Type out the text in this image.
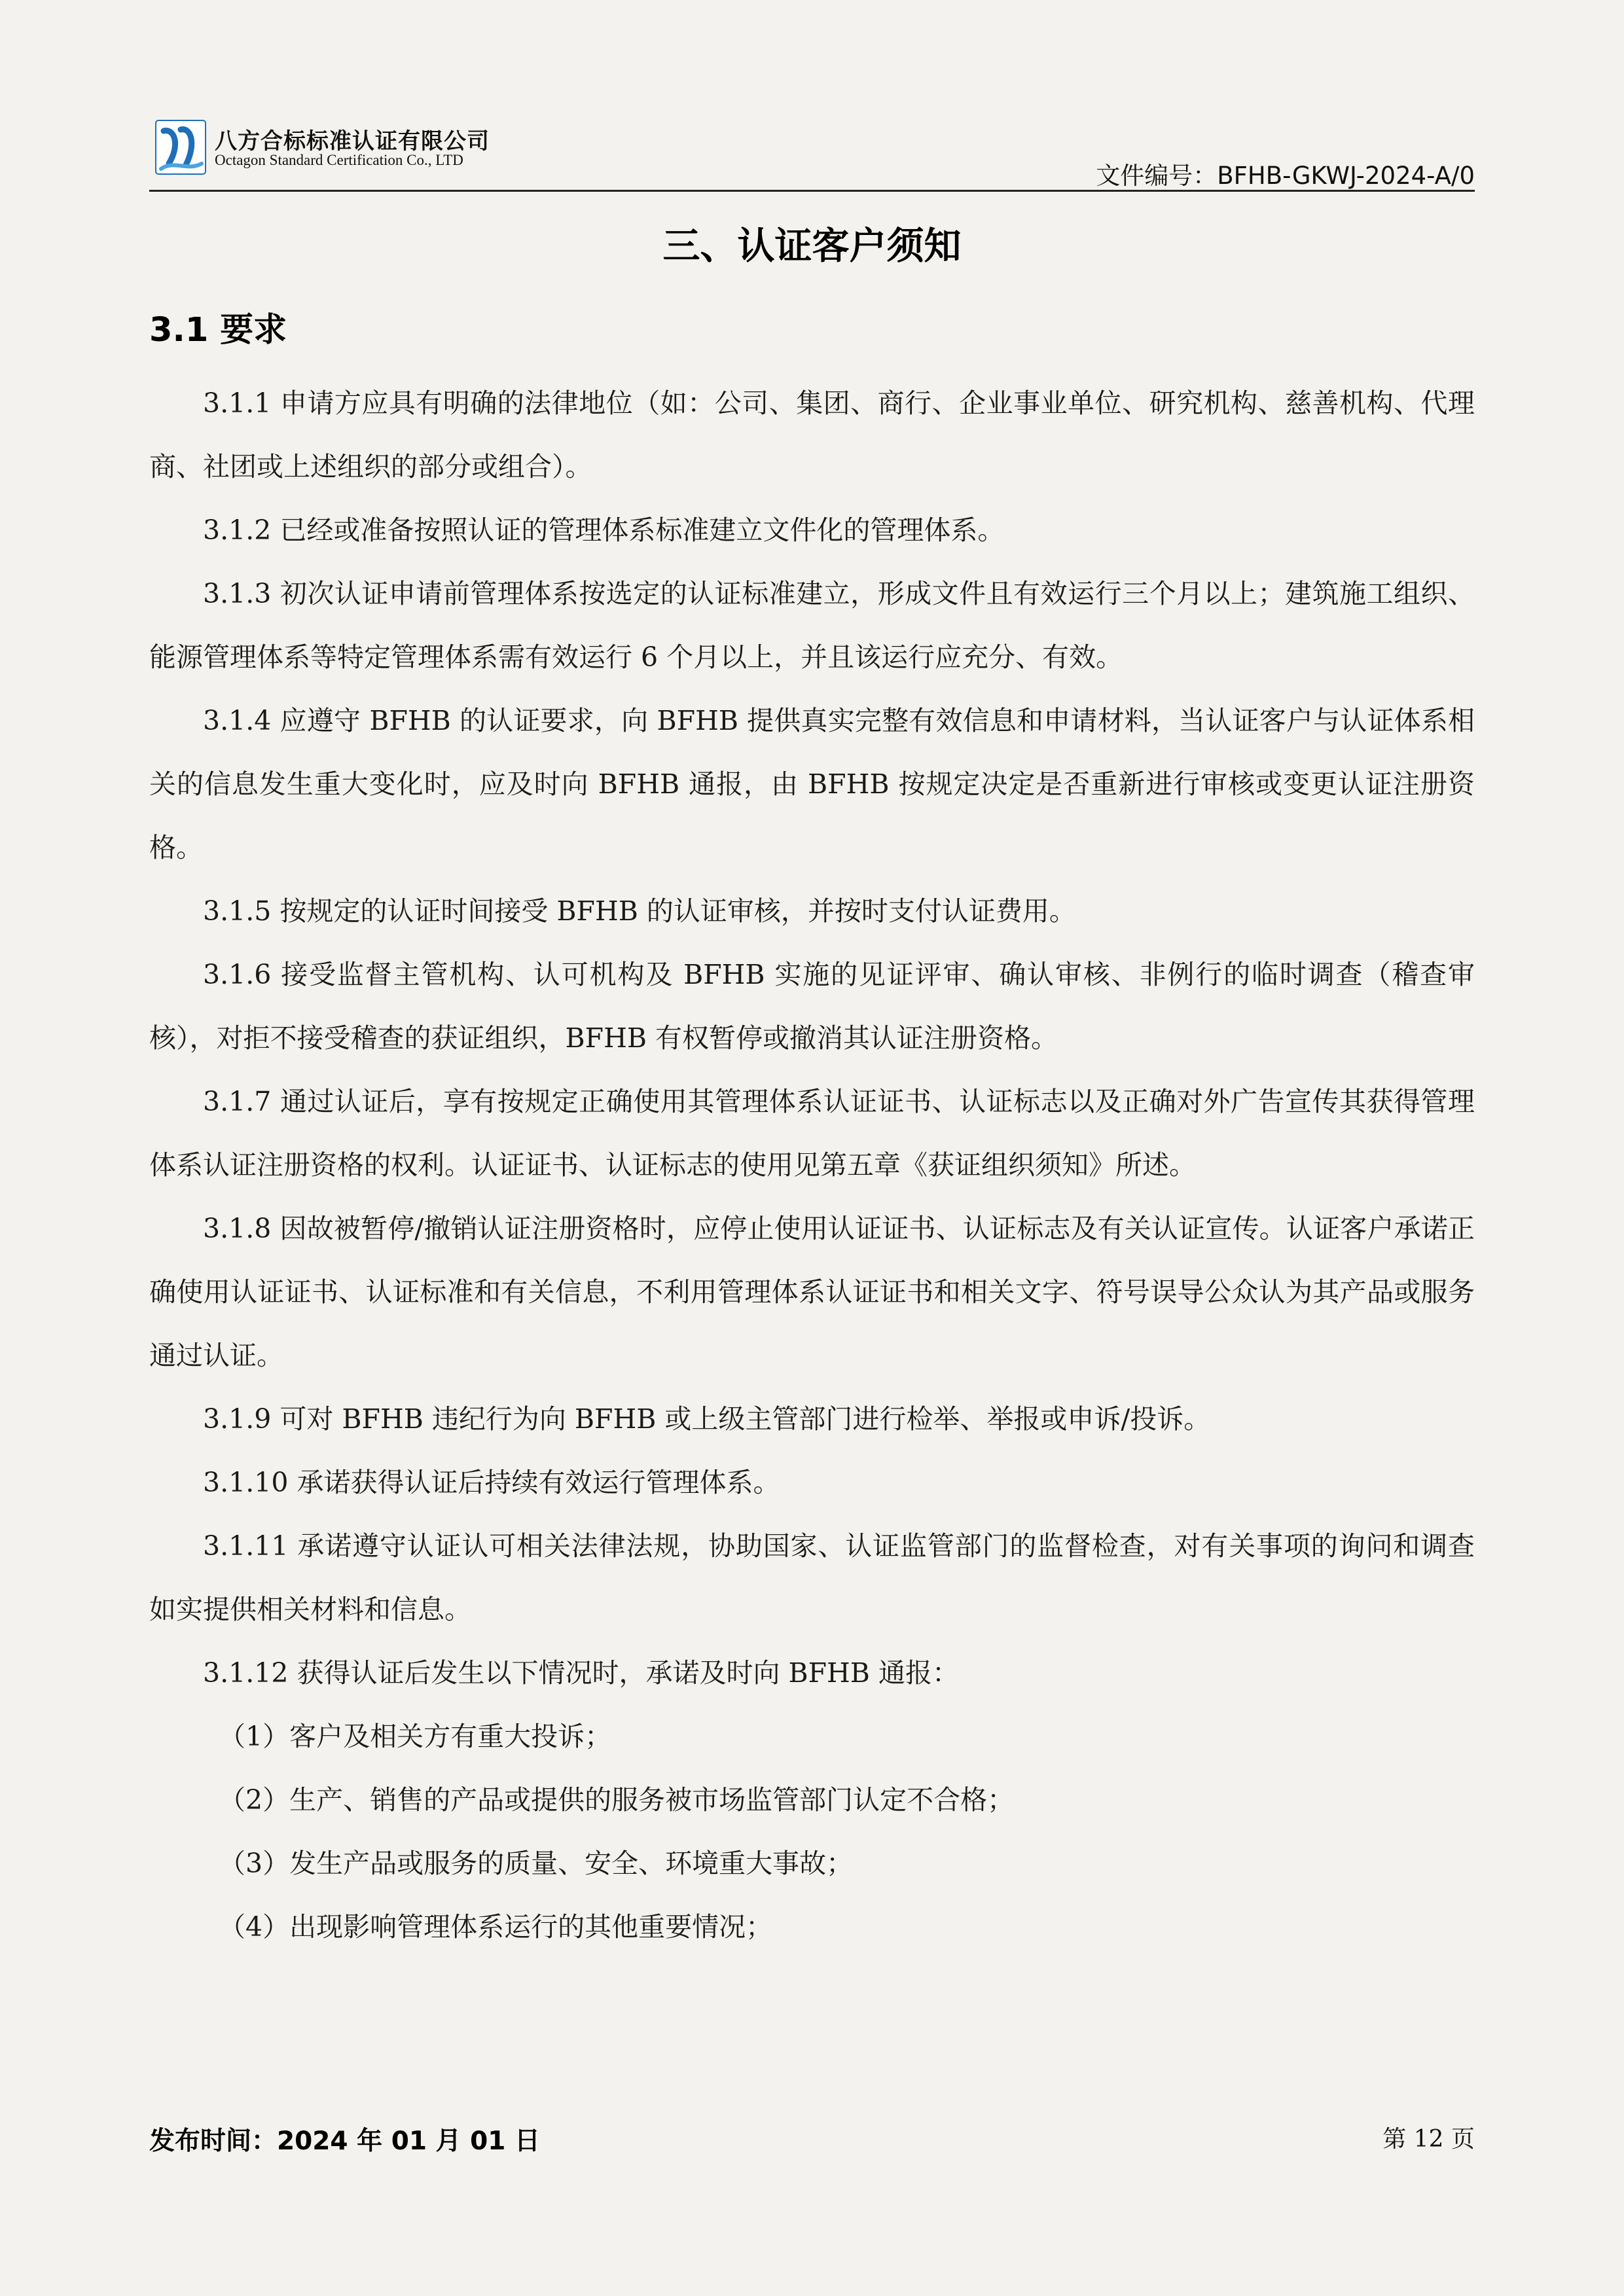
八方合标标准认证有限公司
Octagon Standard Certification Co., LTD
文件编号：BFHB-GKWJ-2024-A/0
三、认证客户须知
3.1 要求

3.1.1 申请方应具有明确的法律地位（如：公司、集团、商行、企业事业单位、研究机构、慈善机构、代理商、社团或上述组织的部分或组合）。

3.1.2 已经或准备按照认证的管理体系标准建立文件化的管理体系。

3.1.3 初次认证申请前管理体系按选定的认证标准建立，形成文件且有效运行三个月以上；建筑施工组织、能源管理体系等特定管理体系需有效运行 6 个月以上，并且该运行应充分、有效。

3.1.4 应遵守 BFHB 的认证要求，向 BFHB 提供真实完整有效信息和申请材料，当认证客户与认证体系相关的信息发生重大变化时，应及时向 BFHB 通报，由 BFHB 按规定决定是否重新进行审核或变更认证注册资格。

3.1.5 按规定的认证时间接受 BFHB 的认证审核，并按时支付认证费用。

3.1.6 接受监督主管机构、认可机构及 BFHB 实施的见证评审、确认审核、非例行的临时调查（稽查审核），对拒不接受稽查的获证组织，BFHB 有权暂停或撤消其认证注册资格。

3.1.7 通过认证后，享有按规定正确使用其管理体系认证证书、认证标志以及正确对外广告宣传其获得管理体系认证注册资格的权利。认证证书、认证标志的使用见第五章《获证组织须知》所述。

3.1.8 因故被暂停/撤销认证注册资格时，应停止使用认证证书、认证标志及有关认证宣传。认证客户承诺正确使用认证证书、认证标准和有关信息，不利用管理体系认证证书和相关文字、符号误导公众认为其产品或服务通过认证。

3.1.9 可对 BFHB 违纪行为向 BFHB 或上级主管部门进行检举、举报或申诉/投诉。

3.1.10 承诺获得认证后持续有效运行管理体系。

3.1.11 承诺遵守认证认可相关法律法规，协助国家、认证监管部门的监督检查，对有关事项的询问和调查如实提供相关材料和信息。

3.1.12 获得认证后发生以下情况时，承诺及时向 BFHB 通报：

（1）客户及相关方有重大投诉；

（2）生产、销售的产品或提供的服务被市场监管部门认定不合格；

（3）发生产品或服务的质量、安全、环境重大事故；

（4）出现影响管理体系运行的其他重要情况；

发布时间：2024 年 01 月 01 日	第 12 页
